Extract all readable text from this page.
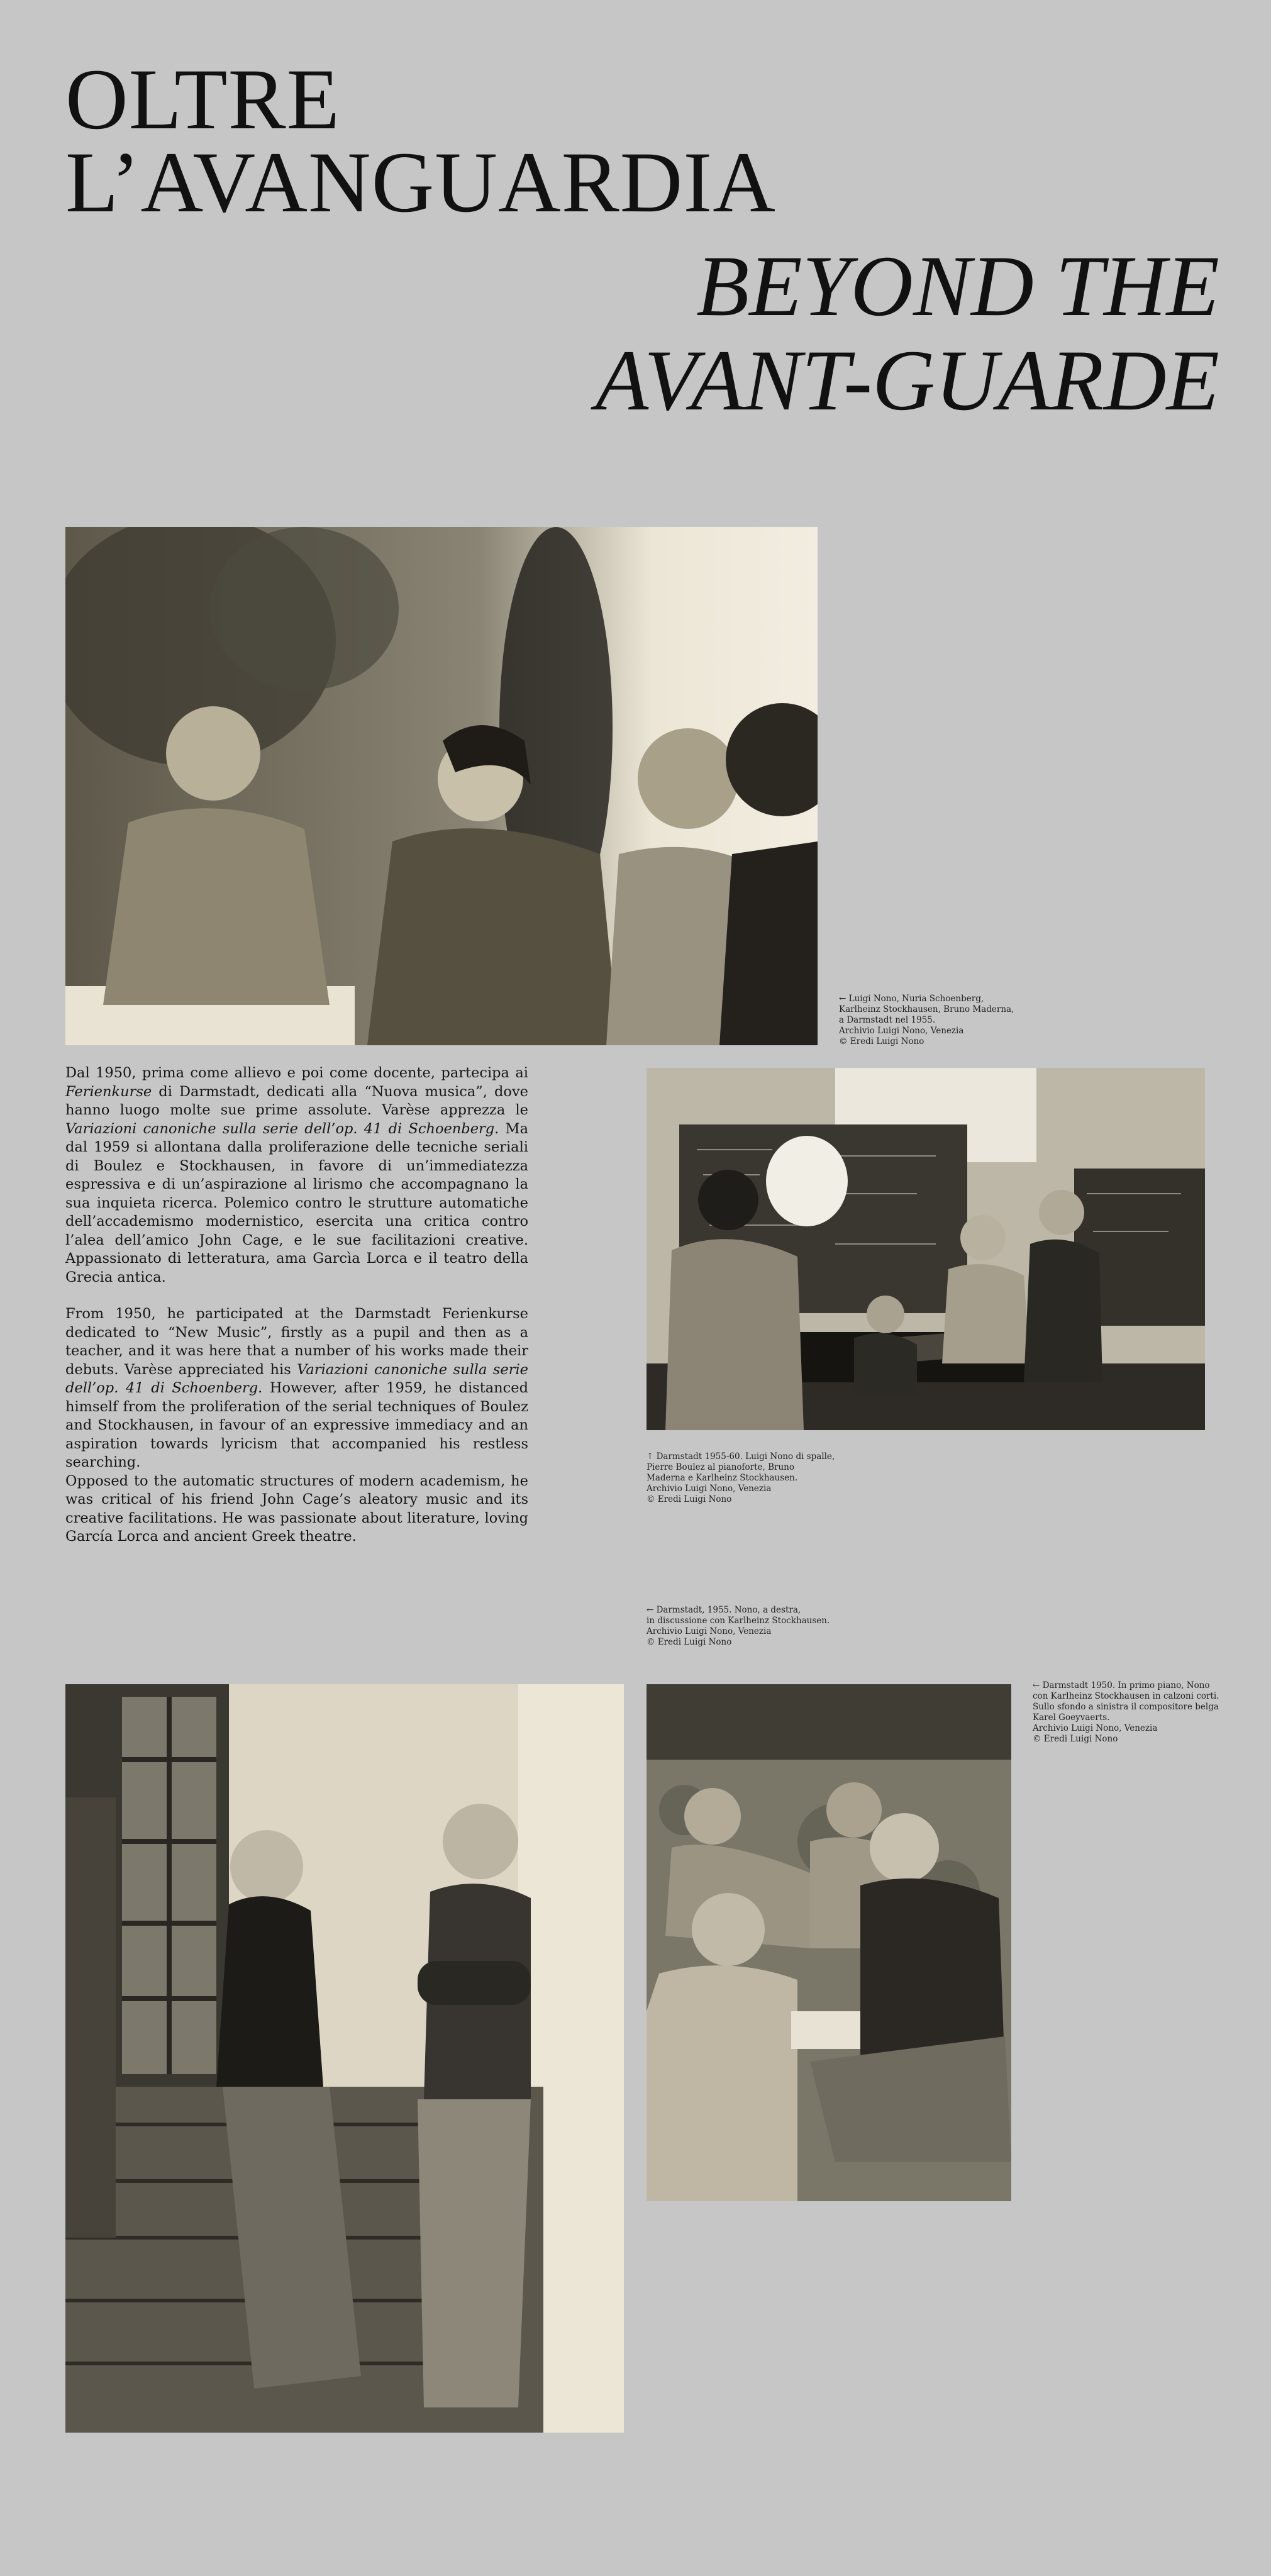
OLTRE
L’AVANGUARDIA
BEYOND THE
AVANT-GUARDE
← Luigi Nono, Nuria Schoenberg,
Karlheinz Stockhausen, Bruno Maderna,
a Darmstadt nel 1955.
Archivio Luigi Nono, Venezia
© Eredi Luigi Nono

Dal 1950, prima come allievo e poi come docente, partecipa ai Ferienkurse di Darmstadt, dedicati alla “Nuova musica”, dove hanno luogo molte sue prime assolute. Varèse apprezza le Variazioni canoniche sulla serie dell’op. 41 di Schoenberg. Ma dal 1959 si allontana dalla proliferazione delle tecniche seriali di Boulez e Stockhausen, in favore di un’immediatezza espressiva e di un’aspirazione al lirismo che accompagnano la sua inquieta ricerca. Polemico contro le strutture automatiche dell’accademismo modernistico, esercita una critica contro l’alea dell’amico John Cage, e le sue facilitazioni creative. Appassionato di letteratura, ama Garcìa Lorca e il teatro della Grecia antica.

From 1950, he participated at the Darmstadt Ferienkurse dedicated to “New Music”, firstly as a pupil and then as a teacher, and it was here that a number of his works made their debuts. Varèse appreciated his Variazioni canoniche sulla serie dell’op. 41 di Schoenberg. However, after 1959, he distanced himself from the proliferation of the serial techniques of Boulez and Stockhausen, in favour of an expressive immediacy and an aspiration towards lyricism that accompanied his restless searching.

Opposed to the automatic structures of modern academism, he was critical of his friend John Cage’s aleatory music and its creative facilitations. He was passionate about literature, loving García Lorca and ancient Greek theatre.

↑ Darmstadt 1955-60. Luigi Nono di spalle,
Pierre Boulez al pianoforte, Bruno
Maderna e Karlheinz Stockhausen.
Archivio Luigi Nono, Venezia
© Eredi Luigi Nono
← Darmstadt, 1955. Nono, a destra,
in discussione con Karlheinz Stockhausen.
Archivio Luigi Nono, Venezia
© Eredi Luigi Nono
← Darmstadt 1950. In primo piano, Nono
con Karlheinz Stockhausen in calzoni corti.
Sullo sfondo a sinistra il compositore belga
Karel Goeyvaerts.
Archivio Luigi Nono, Venezia
© Eredi Luigi Nono
